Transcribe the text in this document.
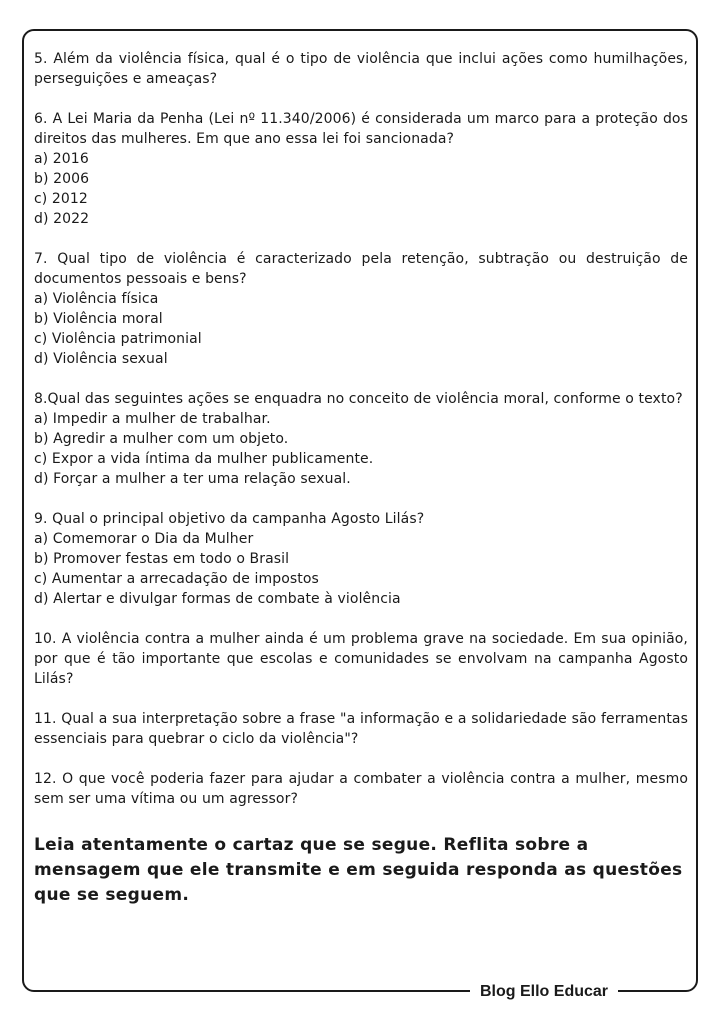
5. Além da violência física, qual é o tipo de violência que inclui ações como humilhações, perseguições e ameaças?
6. A Lei Maria da Penha (Lei nº 11.340/2006) é considerada um marco para a proteção dos direitos das mulheres. Em que ano essa lei foi sancionada?
a) 2016
b) 2006
c) 2012
d) 2022
7. Qual tipo de violência é caracterizado pela retenção, subtração ou destruição de documentos pessoais e bens?
a) Violência física
b) Violência moral
c) Violência patrimonial
d) Violência sexual
8.Qual das seguintes ações se enquadra no conceito de violência moral, conforme o texto?
a) Impedir a mulher de trabalhar.
b) Agredir a mulher com um objeto.
c) Expor a vida íntima da mulher publicamente.
d) Forçar a mulher a ter uma relação sexual.
9. Qual o principal objetivo da campanha Agosto Lilás?
a) Comemorar o Dia da Mulher
b) Promover festas em todo o Brasil
c) Aumentar a arrecadação de impostos
d) Alertar e divulgar formas de combate à violência
10. A violência contra a mulher ainda é um problema grave na sociedade. Em sua opinião, por que é tão importante que escolas e comunidades se envolvam na campanha Agosto Lilás?
11. Qual a sua interpretação sobre a frase "a informação e a solidariedade são ferramentas essenciais para quebrar o ciclo da violência"?
12. O que você poderia fazer para ajudar a combater a violência contra a mulher, mesmo sem ser uma vítima ou um agressor?
Leia atentamente o cartaz que se segue. Reflita sobre a mensagem que ele transmite e em seguida responda as questões que se seguem.
Blog Ello Educar
